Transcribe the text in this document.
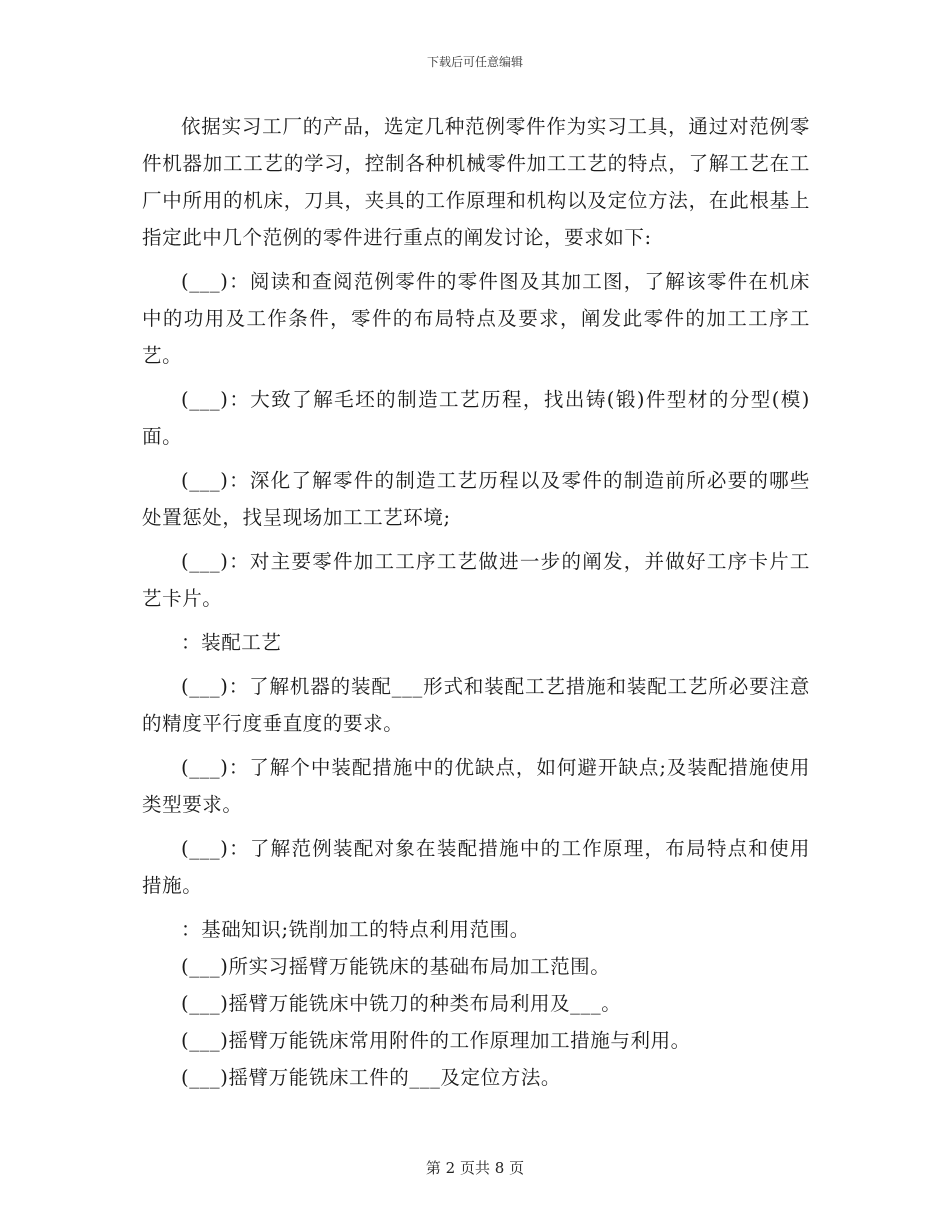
下载后可任意编辑

依据实习工厂的产品，选定几种范例零件作为实习工具，通过对范例零件机器加工工艺的学习，控制各种机械零件加工工艺的特点，了解工艺在工厂中所用的机床，刀具，夹具的工作原理和机构以及定位方法，在此根基上指定此中几个范例的零件进行重点的阐发讨论，要求如下:

(___)：阅读和查阅范例零件的零件图及其加工图，了解该零件在机床中的功用及工作条件，零件的布局特点及要求，阐发此零件的加工工序工艺。

(___)：大致了解毛坯的制造工艺历程，找出铸(锻)件型材的分型(模)面。

(___)：深化了解零件的制造工艺历程以及零件的制造前所必要的哪些处置惩处，找呈现场加工工艺环境;

(___)：对主要零件加工工序工艺做进一步的阐发，并做好工序卡片工艺卡片。

：装配工艺

(___)：了解机器的装配___形式和装配工艺措施和装配工艺所必要注意的精度平行度垂直度的要求。

(___)：了解个中装配措施中的优缺点，如何避开缺点;及装配措施使用类型要求。

(___)：了解范例装配对象在装配措施中的工作原理，布局特点和使用措施。

：基础知识;铣削加工的特点利用范围。

(___)所实习摇臂万能铣床的基础布局加工范围。

(___)摇臂万能铣床中铣刀的种类布局利用及___。

(___)摇臂万能铣床常用附件的工作原理加工措施与利用。

(___)摇臂万能铣床工件的___及定位方法。

第 2 页共 8 页
